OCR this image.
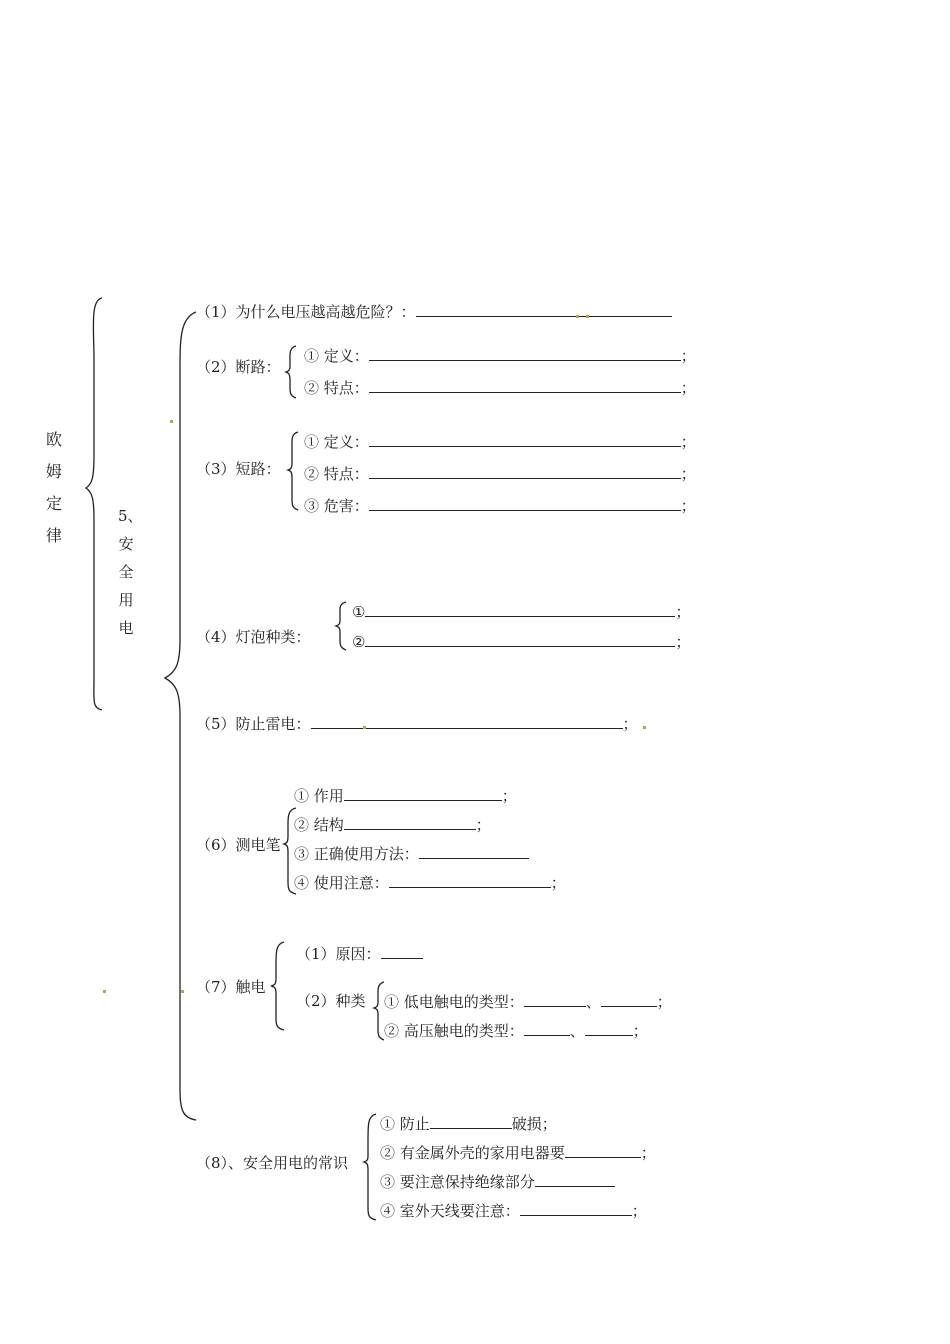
欧
姆
定
律
5、
安
全
用
电
（1）为什么电压越高越危险？：
（2）断路：
① 定义：	；
② 特点：	；
（3）短路：
① 定义：	；
② 特点：	；
③ 危害：	；
（4）灯泡种类：
①	；
②	；
（5）防止雷电：	；
（6）测电笔
① 作用	；
② 结构	；
③ 正确使用方法：
④ 使用注意：	；
（7）触电
（1）原因：
（2）种类 ① 低电触电的类型：	、	；
② 高压触电的类型：	、	；
（8）、安全用电的常识
① 防止	破损；
② 有金属外壳的家用电器要	；
③ 要注意保持绝缘部分
④ 室外天线要注意：	；
